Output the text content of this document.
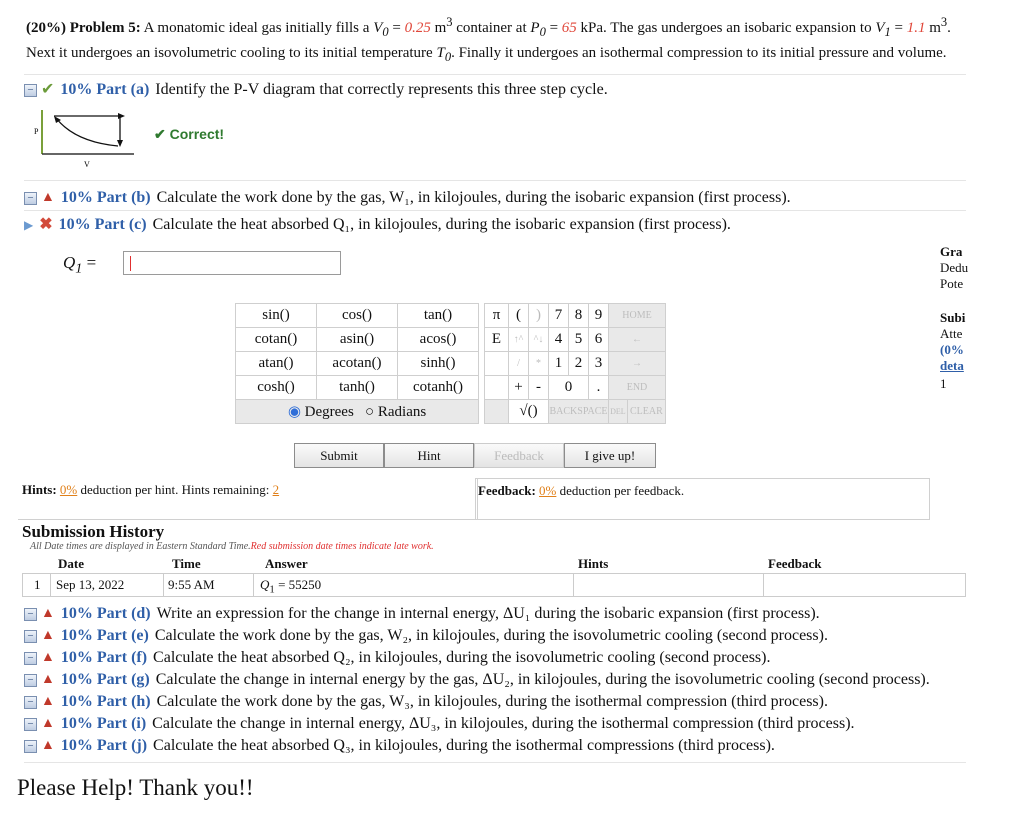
(20%) Problem 5: A monatomic ideal gas initially fills a $V_0 = 0.25$ $m^3$ container at $P_0 = 65$ kPa. The gas undergoes an isobaric expansion to $V_1 = 1.1$ $m^3$.
Next it undergoes an isovolumetric cooling to its initial temperature $T_0$. Finally it undergoes an isothermal compression to its initial pressure and volume.
− ✔ 10% Part (a) Identify the P-V diagram that correctly represents this three step cycle.
P
V
✔ Correct!
− ▲ 10% Part (b) Calculate the work done by the gas, W₁, in kilojoules, during the isobaric expansion (first process).
▶ ✖ 10% Part (c) Calculate the heat absorbed Q₁, in kilojoules, during the isobaric expansion (first process).
Gra
Dedu
Pote
Subi
Atte
(0%
deta
1
$Q_1$ =
sin()	cos()	tan()
cotan()	asin()	acos()
atan()	acotan()	sinh()
cosh()	tanh()	cotanh()
◉ Degrees ○ Radians		
π	(	)	7	8	9	HOME	
E	↑^	^↓	4	5	6	←	
	/	*	1	2	3	→	
	+	-	0		.	END	
	√()		BACKSPACE			DEL	CLEAR
Submit	Hint	Feedback	I give up!
Hints: 0% deduction per hint. Hints remaining: 2	Feedback: 0% deduction per feedback.
Submission History
All Date times are displayed in Eastern Standard Time.Red submission date times indicate late work.
Date	Time	Answer	Hints	Feedback
1 Sep 13, 2022	9:55 AM	$Q_1 = 55250$
− ▲ 10% Part (d) Write an expression for the change in internal energy, ΔU₁ during the isobaric expansion (first process).
− ▲ 10% Part (e) Calculate the work done by the gas, W₂, in kilojoules, during the isovolumetric cooling (second process).
− ▲ 10% Part (f) Calculate the heat absorbed Q₂, in kilojoules, during the isovolumetric cooling (second process).
− ▲ 10% Part (g) Calculate the change in internal energy by the gas, ΔU₂, in kilojoules, during the isovolumetric cooling (second process).
− ▲ 10% Part (h) Calculate the work done by the gas, W₃, in kilojoules, during the isothermal compression (third process).
− ▲ 10% Part (i) Calculate the change in internal energy, ΔU₃, in kilojoules, during the isothermal compression (third process).
− ▲ 10% Part (j) Calculate the heat absorbed Q₃, in kilojoules, during the isothermal compressions (third process).
Please Help! Thank you!!
